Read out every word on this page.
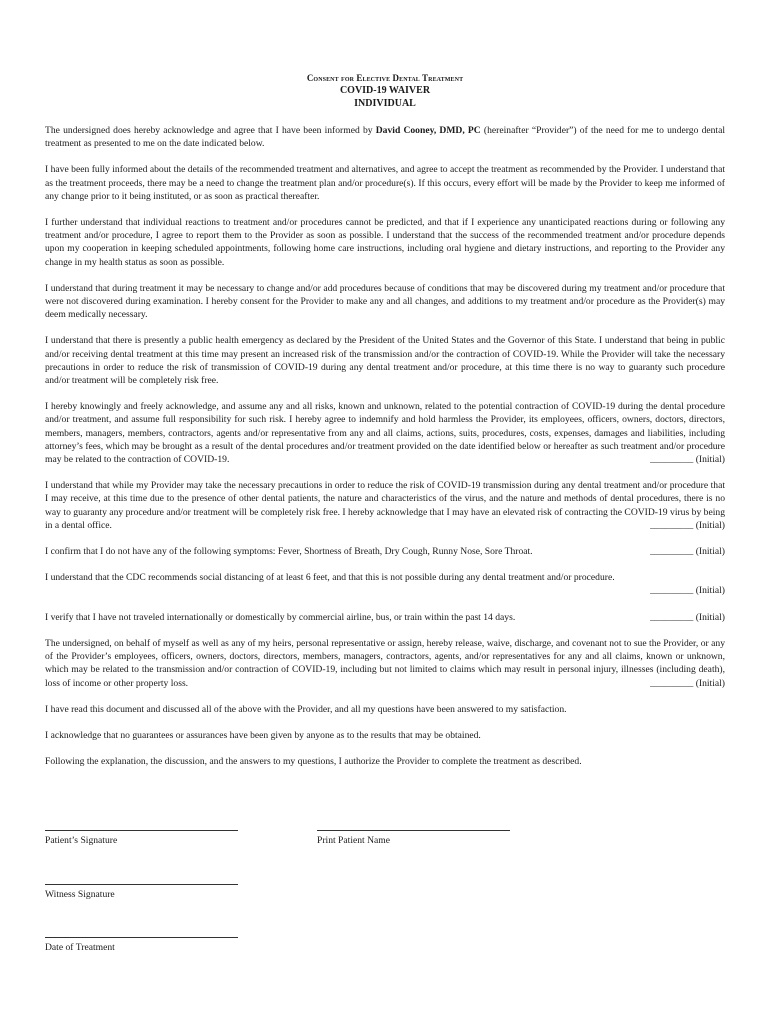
Consent for Elective Dental Treatment
COVID-19 WAIVER
INDIVIDUAL

The undersigned does hereby acknowledge and agree that I have been informed by David Cooney, DMD, PC (hereinafter “Provider”) of the need for me to undergo dental treatment as presented to me on the date indicated below.

I have been fully informed about the details of the recommended treatment and alternatives, and agree to accept the treatment as recommended by the Provider. I understand that as the treatment proceeds, there may be a need to change the treatment plan and/or procedure(s). If this occurs, every effort will be made by the Provider to keep me informed of any change prior to it being instituted, or as soon as practical thereafter.

I further understand that individual reactions to treatment and/or procedures cannot be predicted, and that if I experience any unanticipated reactions during or following any treatment and/or procedure, I agree to report them to the Provider as soon as possible. I understand that the success of the recommended treatment and/or procedure depends upon my cooperation in keeping scheduled appointments, following home care instructions, including oral hygiene and dietary instructions, and reporting to the Provider any change in my health status as soon as possible.

I understand that during treatment it may be necessary to change and/or add procedures because of conditions that may be discovered during my treatment and/or procedure that were not discovered during examination. I hereby consent for the Provider to make any and all changes, and additions to my treatment and/or procedure as the Provider(s) may deem medically necessary.

I understand that there is presently a public health emergency as declared by the President of the United States and the Governor of this State. I understand that being in public and/or receiving dental treatment at this time may present an increased risk of the transmission and/or the contraction of COVID-19. While the Provider will take the necessary precautions in order to reduce the risk of transmission of COVID-19 during any dental treatment and/or procedure, at this time there is no way to guaranty such procedure and/or treatment will be completely risk free.

I hereby knowingly and freely acknowledge, and assume any and all risks, known and unknown, related to the potential contraction of COVID-19 during the dental procedure and/or treatment, and assume full responsibility for such risk. I hereby agree to indemnify and hold harmless the Provider, its employees, officers, owners, doctors, directors, members, managers, members, contractors, agents and/or representative from any and all claims, actions, suits, procedures, costs, expenses, damages and liabilities, including attorney’s fees, which may be brought as a result of the dental procedures and/or treatment provided on the date identified below or hereafter as such treatment and/or procedure may be related to the contraction of COVID-19.	_________ (Initial)

I understand that while my Provider may take the necessary precautions in order to reduce the risk of COVID-19 transmission during any dental treatment and/or procedure that I may receive, at this time due to the presence of other dental patients, the nature and characteristics of the virus, and the nature and methods of dental procedures, there is no way to guaranty any procedure and/or treatment will be completely risk free. I hereby acknowledge that I may have an elevated risk of contracting the COVID-19 virus by being in a dental office.	_________ (Initial)

I confirm that I do not have any of the following symptoms: Fever, Shortness of Breath, Dry Cough, Runny Nose, Sore Throat.	_________ (Initial)

I understand that the CDC recommends social distancing of at least 6 feet, and that this is not possible during any dental treatment and/or procedure.
_________ (Initial)

I verify that I have not traveled internationally or domestically by commercial airline, bus, or train within the past 14 days.	_________ (Initial)

The undersigned, on behalf of myself as well as any of my heirs, personal representative or assign, hereby release, waive, discharge, and covenant not to sue the Provider, or any of the Provider’s employees, officers, owners, doctors, directors, members, managers, contractors, agents, and/or representatives for any and all claims, known or unknown, which may be related to the transmission and/or contraction of COVID-19, including but not limited to claims which may result in personal injury, illnesses (including death), loss of income or other property loss.	_________ (Initial)

I have read this document and discussed all of the above with the Provider, and all my questions have been answered to my satisfaction.

I acknowledge that no guarantees or assurances have been given by anyone as to the results that may be obtained.

Following the explanation, the discussion, and the answers to my questions, I authorize the Provider to complete the treatment as described.

Patient’s Signature	Print Patient Name
Witness Signature
Date of Treatment
